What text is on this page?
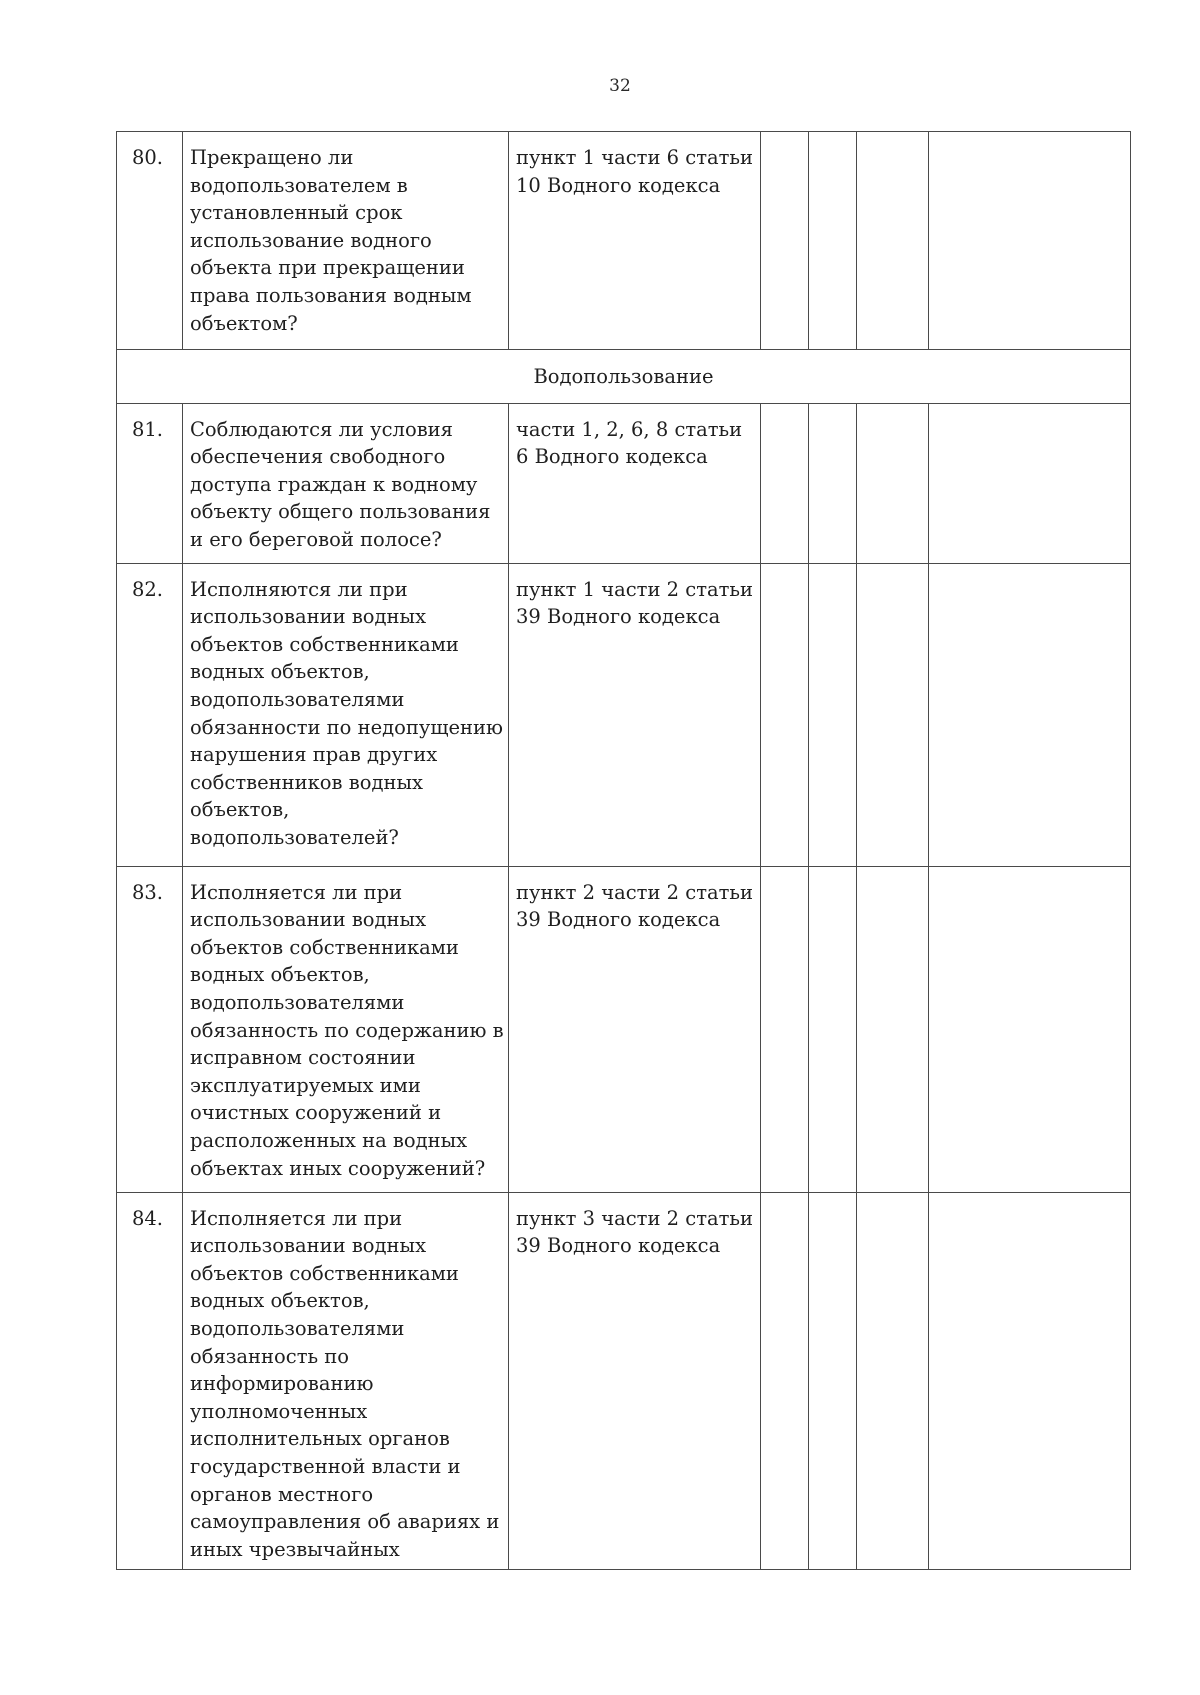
32
80.	Прекращено ли водопользователем в установленный срок использование водного объекта при прекращении права пользования водным объектом?	пункт 1 части 6 статьи 10 Водного кодекса				
Водопользование						
81.	Соблюдаются ли условия обеспечения свободного доступа граждан к водному объекту общего пользования и его береговой полосе?	части 1, 2, 6, 8 статьи 6 Водного кодекса				
82.	Исполняются ли при использовании водных объектов собственниками водных объектов, водопользователями обязанности по недопущению нарушения прав других собственников водных объектов, водопользователей?	пункт 1 части 2 статьи 39 Водного кодекса				
83.	Исполняется ли при использовании водных объектов собственниками водных объектов, водопользователями обязанность по содержанию в исправном состоянии эксплуатируемых ими очистных сооружений и расположенных на водных объектах иных сооружений?	пункт 2 части 2 статьи 39 Водного кодекса				
84.	Исполняется ли при использовании водных объектов собственниками водных объектов, водопользователями обязанность по информированию уполномоченных исполнительных органов государственной власти и органов местного самоуправления об авариях и иных чрезвычайных	пункт 3 части 2 статьи 39 Водного кодекса				
